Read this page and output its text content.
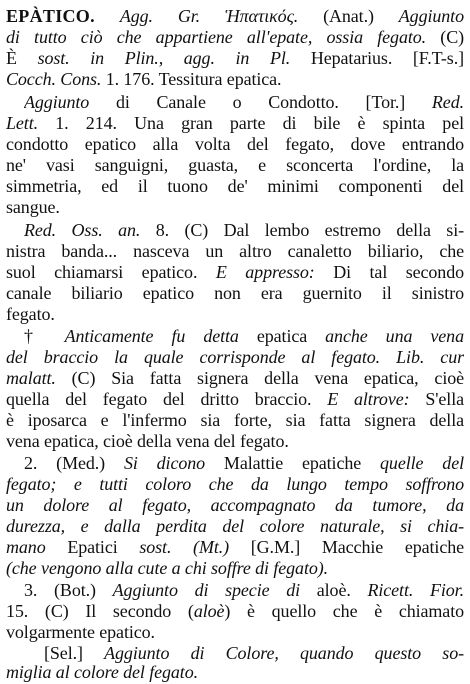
EPÀTICO. Agg. Gr. Ἡπατικός. (Anat.) Aggiunto
di tutto ciò che appartiene all'epate, ossia fegato. (C)
È sost. in Plin., agg. in Pl. Hepatarius. [F.T-s.]
Cocch. Cons. 1. 176. Tessitura epatica.
Aggiunto di Canale o Condotto. [Tor.] Red.
Lett. 1. 214. Una gran parte di bile è spinta pel
condotto epatico alla volta del fegato, dove entrando
ne' vasi sanguigni, guasta, e sconcerta l'ordine, la
simmetria, ed il tuono de' minimi componenti del
sangue.
Red. Oss. an. 8. (C) Dal lembo estremo della si-
nistra banda... nasceva un altro canaletto biliario, che
suol chiamarsi epatico. E appresso: Di tal secondo
canale biliario epatico non era guernito il sinistro
fegato.
† Anticamente fu detta epatica anche una vena
del braccio la quale corrisponde al fegato. Lib. cur
malatt. (C) Sia fatta signera della vena epatica, cioè
quella del fegato del dritto braccio. E altrove: S'ella
è iposarca e l'infermo sia forte, sia fatta signera della
vena epatica, cioè della vena del fegato.
2. (Med.) Si dicono Malattie epatiche quelle del
fegato; e tutti coloro che da lungo tempo soffrono
un dolore al fegato, accompagnato da tumore, da
durezza, e dalla perdita del colore naturale, si chia-
mano Epatici sost. (Mt.) [G.M.] Macchie epatiche
(che vengono alla cute a chi soffre di fegato).
3. (Bot.) Aggiunto di specie di aloè. Ricett. Fior.
15. (C) Il secondo (aloè) è quello che è chiamato
volgarmente epatico.
[Sel.] Aggiunto di Colore, quando questo so-
miglia al colore del fegato.
